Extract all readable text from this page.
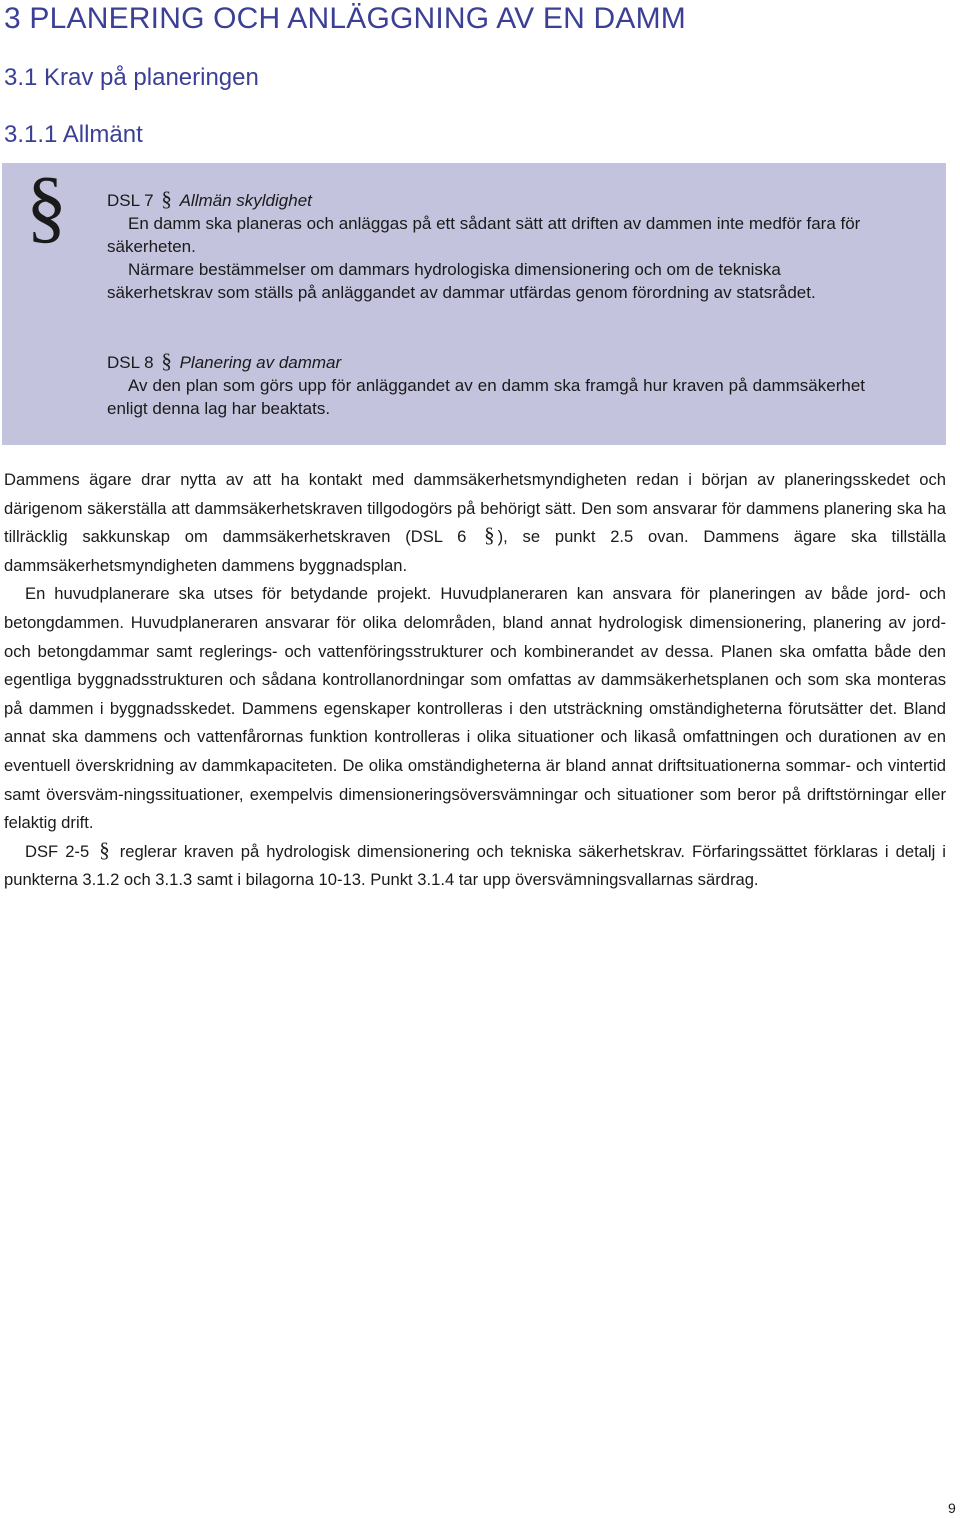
3 PLANERING OCH ANLÄGGNING AV EN DAMM
3.1 Krav på planeringen
3.1.1 Allmänt
§ DSL 7 § Allmän skyldighet

En damm ska planeras och anläggas på ett sådant sätt att driften av dammen inte medför fara för säkerheten.

Närmare bestämmelser om dammars hydrologiska dimensionering och om de tekniska säkerhetskrav som ställs på anläggandet av dammar utfärdas genom förordning av statsrådet.

DSL 8 § Planering av dammar

Av den plan som görs upp för anläggandet av en damm ska framgå hur kraven på dammsäkerhet enligt denna lag har beaktats.

Dammens ägare drar nytta av att ha kontakt med dammsäkerhetsmyndigheten redan i början av planeringsskedet och därigenom säkerställa att dammsäkerhetskraven tillgodogörs på behörigt sätt. Den som ansvarar för dammens planering ska ha tillräcklig sakkunskap om dammsäkerhetskraven (DSL 6 § ), se punkt 2.5 ovan. Dammens ägare ska tillställa dammsäkerhetsmyndigheten dammens byggnadsplan.

En huvudplanerare ska utses för betydande projekt. Huvudplaneraren kan ansvara för planeringen av både jord- och betongdammen. Huvudplaneraren ansvarar för olika delområden, bland annat hydrologisk dimensionering, planering av jord- och betongdammar samt reglerings- och vattenföringsstrukturer och kombinerandet av dessa. Planen ska omfatta både den egentliga byggnadsstrukturen och sådana kontrollanordningar som omfattas av dammsäkerhetsplanen och som ska monteras på dammen i byggnadsskedet. Dammens egenskaper kontrolleras i den utsträckning omständigheterna förutsätter det. Bland annat ska dammens och vattenfårornas funktion kontrolleras i olika situationer och likaså omfattningen och durationen av en eventuell överskridning av dammkapaciteten. De olika omständigheterna är bland annat driftsituationerna sommar- och vintertid samt översväm-ningssituationer, exempelvis dimensioneringsöversvämningar och situationer som beror på driftstörningar eller felaktig drift.

DSF 2-5 § reglerar kraven på hydrologisk dimensionering och tekniska säkerhetskrav. Förfaringssättet förklaras i detalj i punkterna 3.1.2 och 3.1.3 samt i bilagorna 10-13. Punkt 3.1.4 tar upp översvämningsvallarnas särdrag.

9
